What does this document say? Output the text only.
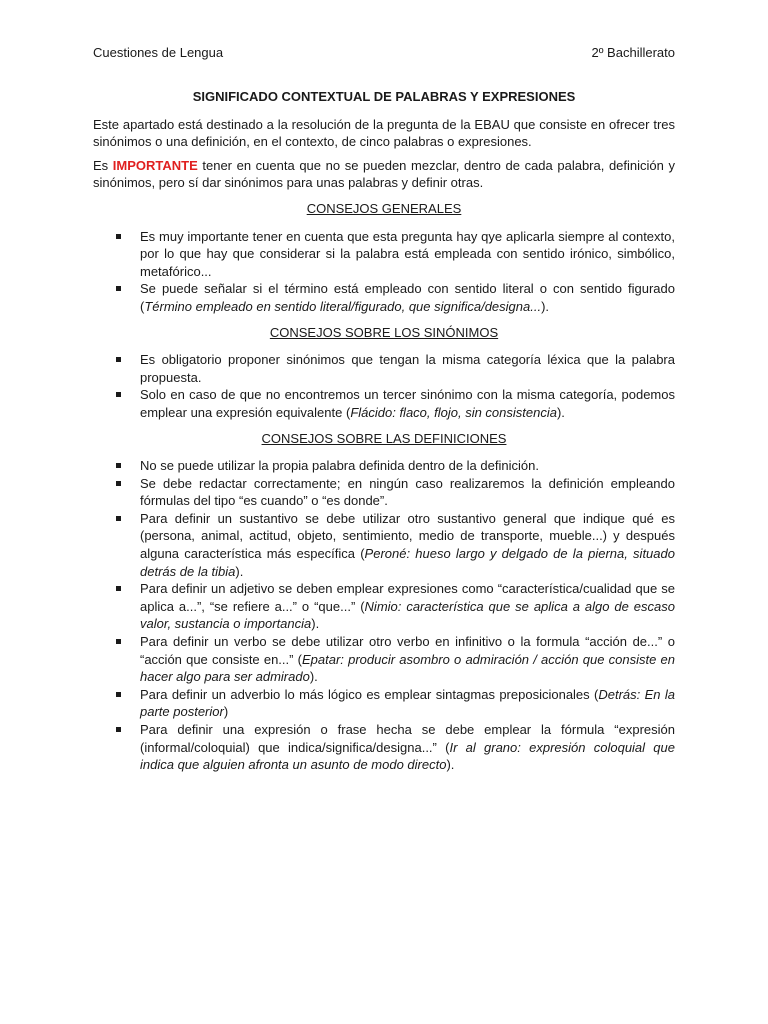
Cuestiones de Lengua	2º Bachillerato
SIGNIFICADO CONTEXTUAL DE PALABRAS Y EXPRESIONES

Este apartado está destinado a la resolución de la pregunta de la EBAU que consiste en ofrecer tres sinónimos o una definición, en el contexto, de cinco palabras o expresiones.

Es IMPORTANTE tener en cuenta que no se pueden mezclar, dentro de cada palabra, definición y sinónimos, pero sí dar sinónimos para unas palabras y definir otras.

CONSEJOS GENERALES
Es muy importante tener en cuenta que esta pregunta hay qye aplicarla siempre al contexto, por lo que hay que considerar si la palabra está empleada con sentido irónico, simbólico, metafórico...
Se puede señalar si el término está empleado con sentido literal o con sentido figurado (Término empleado en sentido literal/figurado, que significa/designa...).
CONSEJOS SOBRE LOS SINÓNIMOS
Es obligatorio proponer sinónimos que tengan la misma categoría léxica que la palabra propuesta.
Solo en caso de que no encontremos un tercer sinónimo con la misma categoría, podemos emplear una expresión equivalente (Flácido: flaco, flojo, sin consistencia).
CONSEJOS SOBRE LAS DEFINICIONES
No se puede utilizar la propia palabra definida dentro de la definición.
Se debe redactar correctamente; en ningún caso realizaremos la definición empleando fórmulas del tipo “es cuando” o “es donde”.
Para definir un sustantivo se debe utilizar otro sustantivo general que indique qué es (persona, animal, actitud, objeto, sentimiento, medio de transporte, mueble...) y después alguna característica más específica (Peroné: hueso largo y delgado de la pierna, situado detrás de la tibia).
Para definir un adjetivo se deben emplear expresiones como “característica/cualidad que se aplica a...”, “se refiere a...” o “que...” (Nimio: característica que se aplica a algo de escaso valor, sustancia o importancia).
Para definir un verbo se debe utilizar otro verbo en infinitivo o la formula “acción de...” o “acción que consiste en...” (Epatar: producir asombro o admiración / acción que consiste en hacer algo para ser admirado).
Para definir un adverbio lo más lógico es emplear sintagmas preposicionales (Detrás: En la parte posterior)
Para definir una expresión o frase hecha se debe emplear la fórmula “expresión (informal/coloquial) que indica/significa/designa...” (Ir al grano: expresión coloquial que indica que alguien afronta un asunto de modo directo).
